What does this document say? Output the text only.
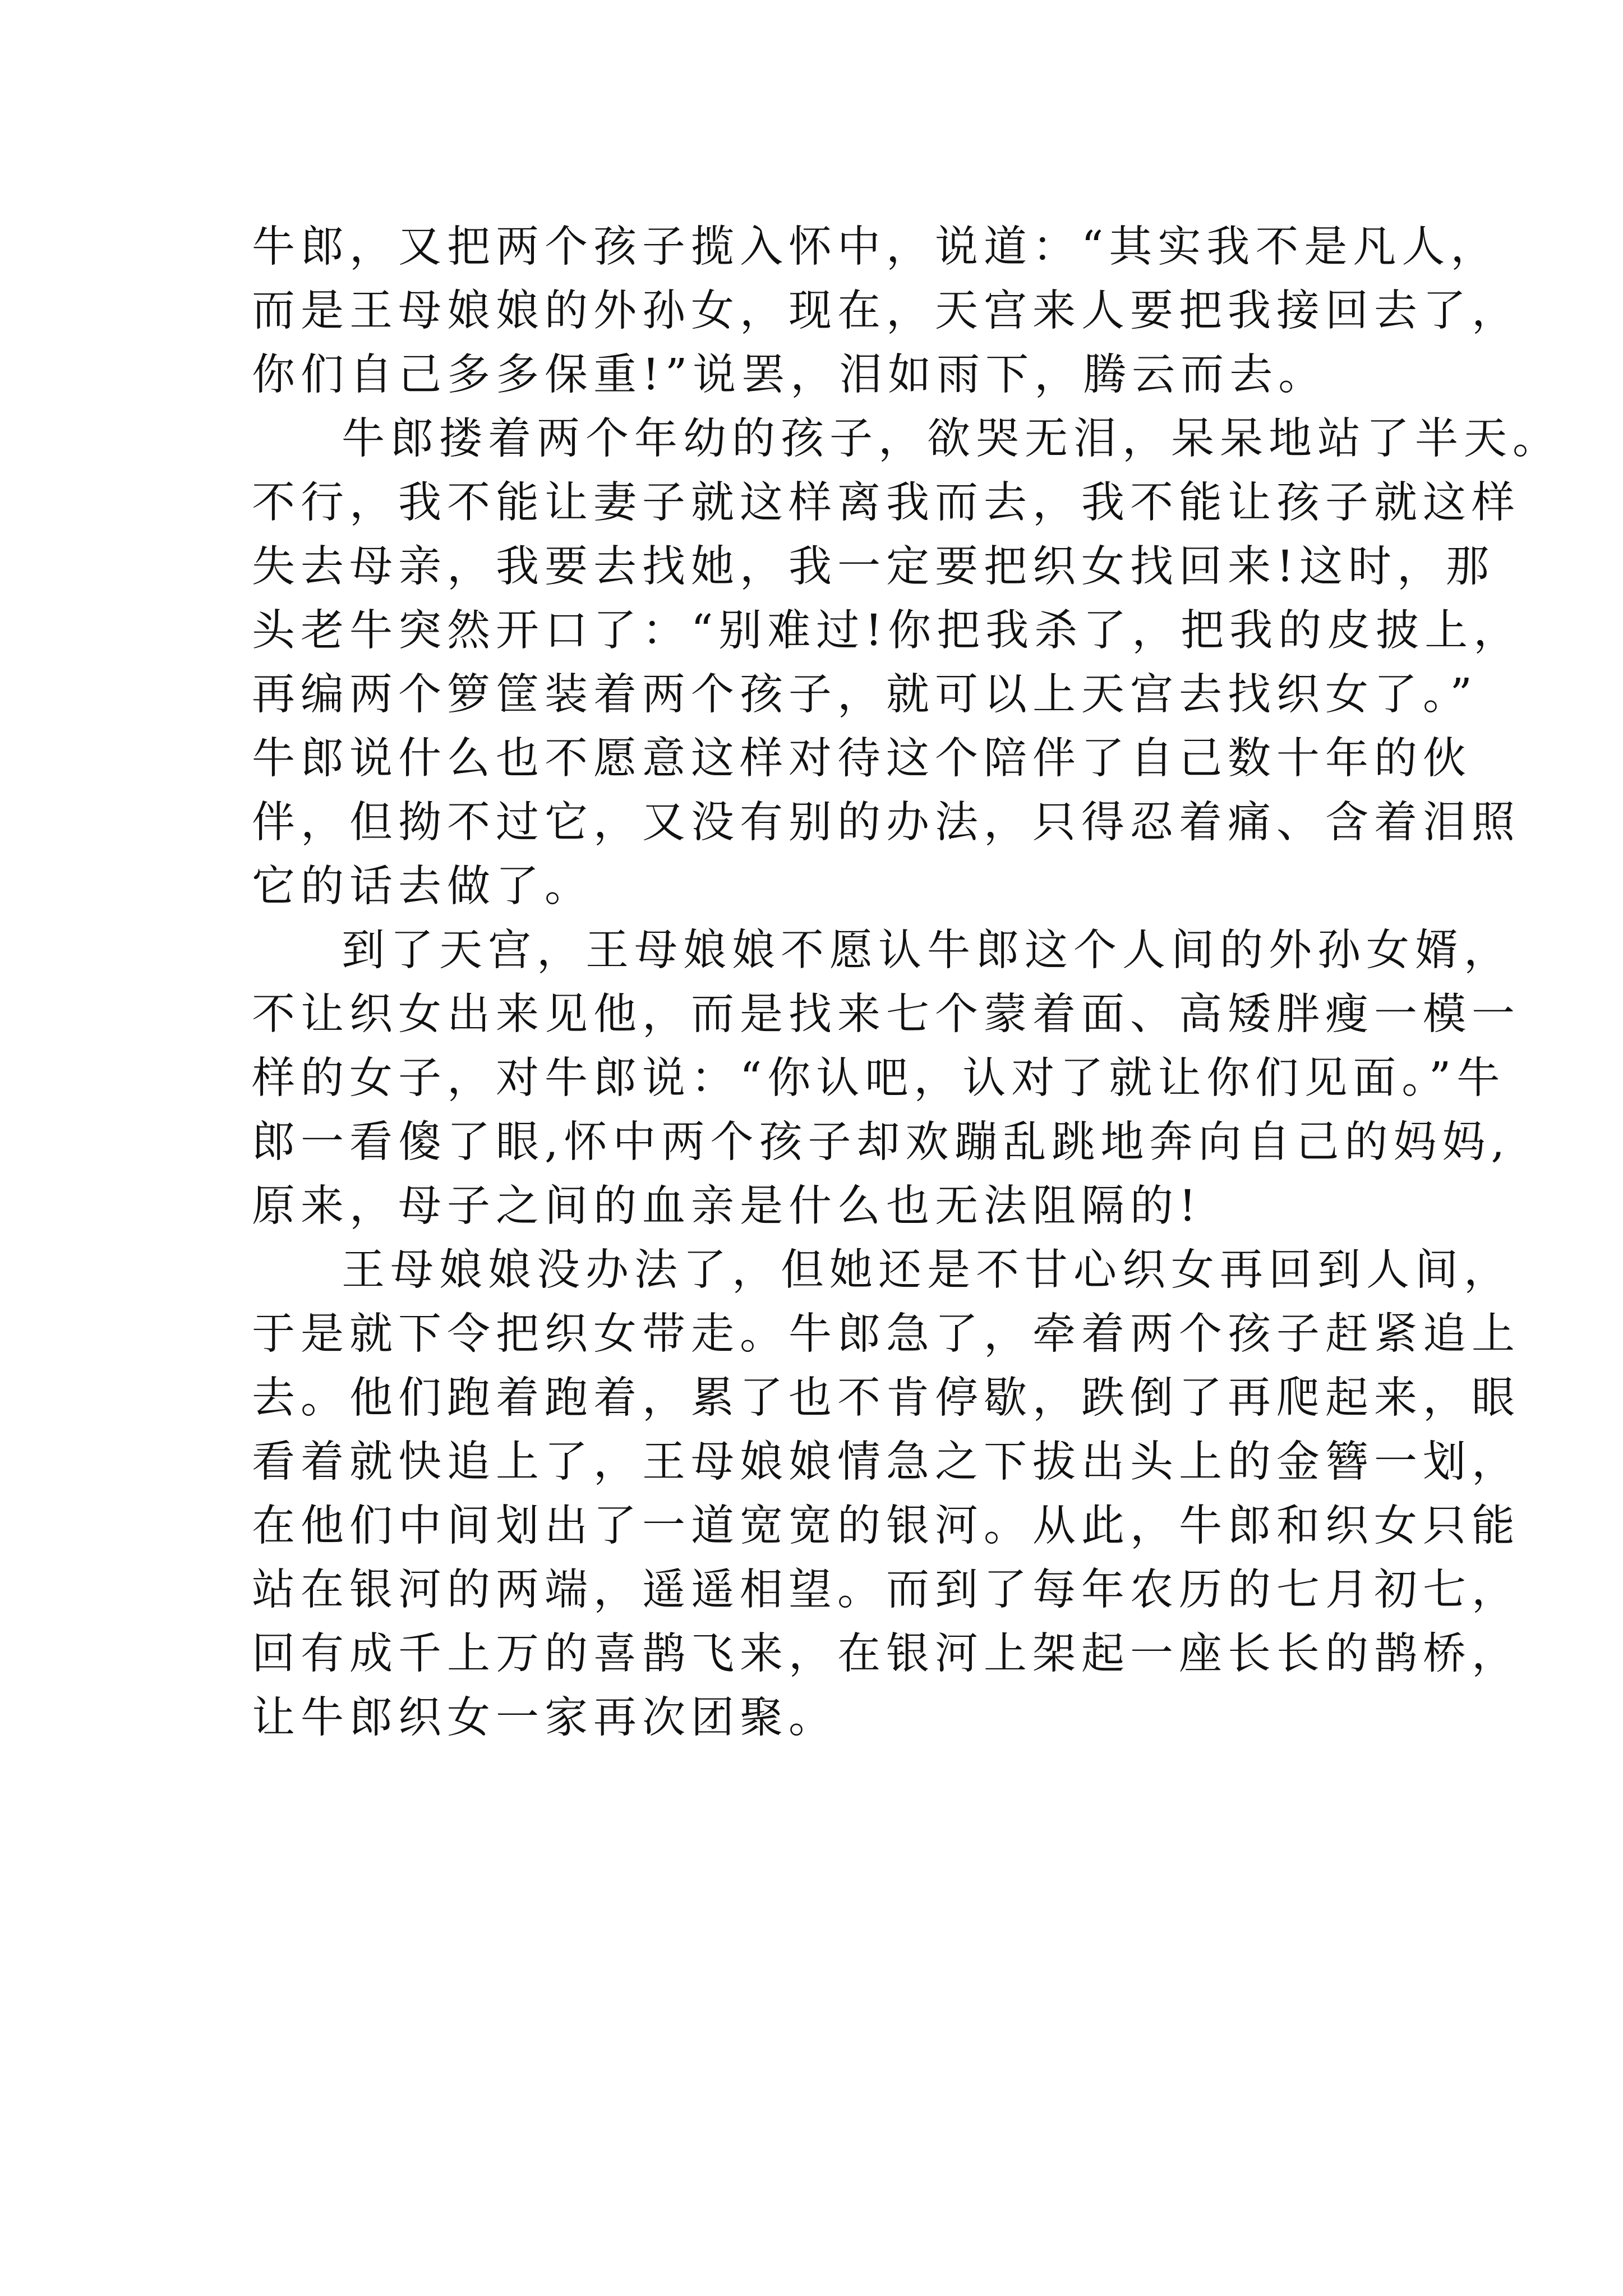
牛郎，又把两个孩子揽入怀中，说道：“其实我不是凡人，
而是王母娘娘的外孙女，现在，天宫来人要把我接回去了，
你们自己多多保重!”说罢，泪如雨下，腾云而去。
牛郎搂着两个年幼的孩子，欲哭无泪，呆呆地站了半天。
不行，我不能让妻子就这样离我而去，我不能让孩子就这样
失去母亲，我要去找她，我一定要把织女找回来!这时，那
头老牛突然开口了：“别难过!你把我杀了，把我的皮披上，
再编两个箩筐装着两个孩子，就可以上天宫去找织女了。”
牛郎说什么也不愿意这样对待这个陪伴了自己数十年的伙
伴，但拗不过它，又没有别的办法，只得忍着痛、含着泪照
它的话去做了。
到了天宫，王母娘娘不愿认牛郎这个人间的外孙女婿，
不让织女出来见他，而是找来七个蒙着面、高矮胖瘦一模一
样的女子，对牛郎说：“你认吧，认对了就让你们见面。”牛
郎一看傻了眼,怀中两个孩子却欢蹦乱跳地奔向自己的妈妈,
原来，母子之间的血亲是什么也无法阻隔的!
王母娘娘没办法了，但她还是不甘心织女再回到人间，
于是就下令把织女带走。牛郎急了，牵着两个孩子赶紧追上
去。他们跑着跑着，累了也不肯停歇，跌倒了再爬起来，眼
看着就快追上了，王母娘娘情急之下拔出头上的金簪一划，
在他们中间划出了一道宽宽的银河。从此，牛郎和织女只能
站在银河的两端，遥遥相望。而到了每年农历的七月初七，
回有成千上万的喜鹊飞来，在银河上架起一座长长的鹊桥，
让牛郎织女一家再次团聚。
